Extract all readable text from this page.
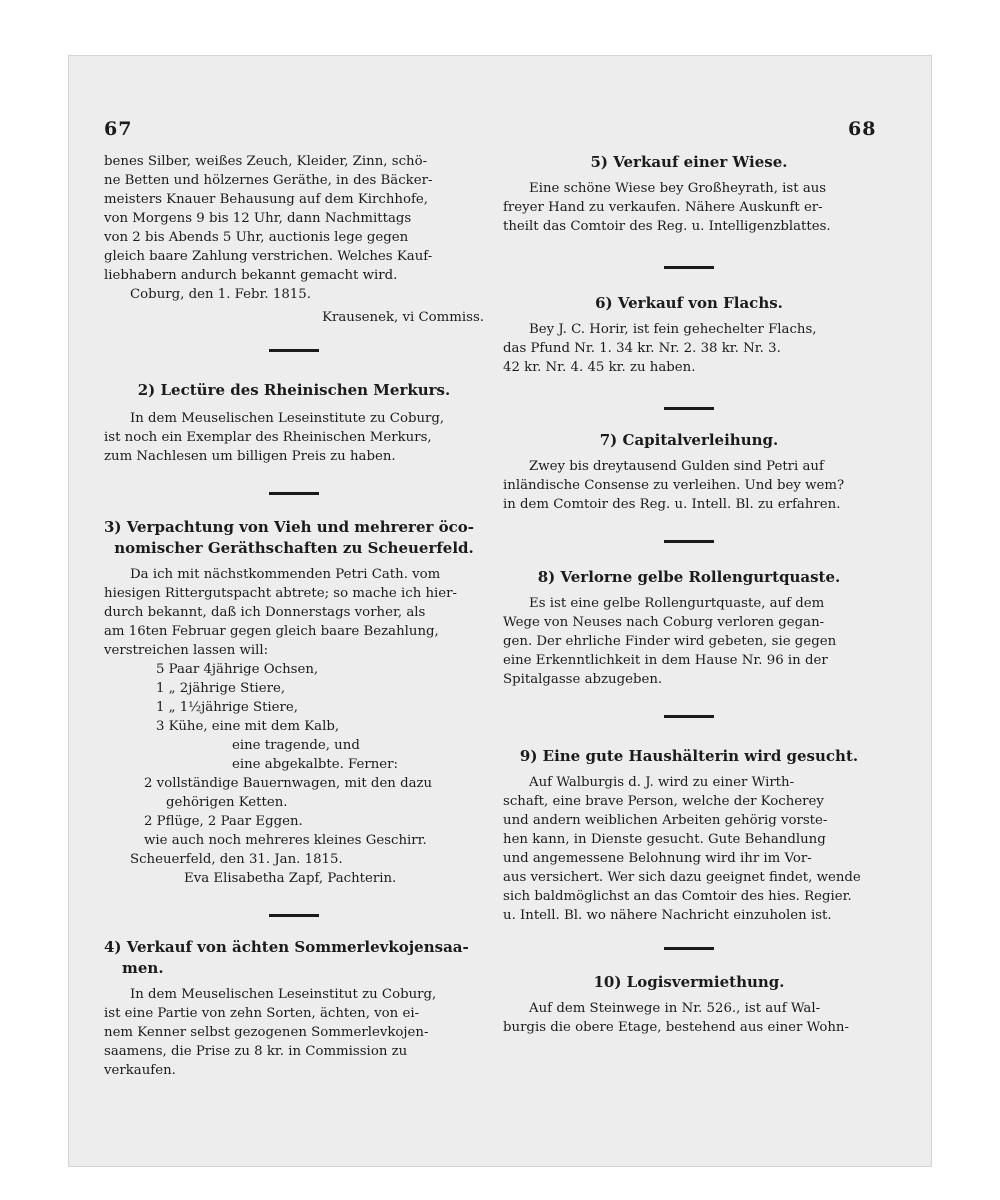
67	68

benes Silber, weißes Zeuch, Kleider, Zinn, schö-

ne Betten und hölzernes Geräthe, in des Bäcker-

meisters Knauer Behausung auf dem Kirchhofe,

von Morgens 9 bis 12 Uhr, dann Nachmittags

von 2 bis Abends 5 Uhr, auctionis lege gegen

gleich baare Zahlung verstrichen. Welches Kauf-

liebhabern andurch bekannt gemacht wird.

Coburg, den 1. Febr. 1815.

Krausenek, vi Commiss.

2) Lectüre des Rheinischen Merkurs.

In dem Meuselischen Leseinstitute zu Coburg,

ist noch ein Exemplar des Rheinischen Merkurs,

zum Nachlesen um billigen Preis zu haben.

3) Verpachtung von Vieh und mehrerer öco-

nomischer Geräthschaften zu Scheuerfeld.

Da ich mit nächstkommenden Petri Cath. vom

hiesigen Rittergutspacht abtrete; so mache ich hier-

durch bekannt, daß ich Donnerstags vorher, als

am 16ten Februar gegen gleich baare Bezahlung,

verstreichen lassen will:

5 Paar 4jährige Ochsen,
1 „ 2jährige Stiere,
1 „ 1½jährige Stiere,
3 Kühe, eine mit dem Kalb,
eine tragende, und
eine abgekalbte. Ferner:
2 vollständige Bauernwagen, mit den dazu
gehörigen Ketten.
2 Pflüge, 2 Paar Eggen.
wie auch noch mehreres kleines Geschirr.

Scheuerfeld, den 31. Jan. 1815.

Eva Elisabetha Zapf, Pachterin.

4) Verkauf von ächten Sommerlevkojensaa-

men.

In dem Meuselischen Leseinstitut zu Coburg,

ist eine Partie von zehn Sorten, ächten, von ei-

nem Kenner selbst gezogenen Sommerlevkojen-

saamens, die Prise zu 8 kr. in Commission zu

verkaufen.

5) Verkauf einer Wiese.

Eine schöne Wiese bey Großheyrath, ist aus

freyer Hand zu verkaufen. Nähere Auskunft er-

theilt das Comtoir des Reg. u. Intelligenzblattes.

6) Verkauf von Flachs.

Bey J. C. Horir, ist fein gehechelter Flachs,

das Pfund Nr. 1. 34 kr. Nr. 2. 38 kr. Nr. 3.

42 kr. Nr. 4. 45 kr. zu haben.

7) Capitalverleihung.

Zwey bis dreytausend Gulden sind Petri auf

inländische Consense zu verleihen. Und bey wem?

in dem Comtoir des Reg. u. Intell. Bl. zu erfahren.

8) Verlorne gelbe Rollengurtquaste.

Es ist eine gelbe Rollengurtquaste, auf dem

Wege von Neuses nach Coburg verloren gegan-

gen. Der ehrliche Finder wird gebeten, sie gegen

eine Erkenntlichkeit in dem Hause Nr. 96 in der

Spitalgasse abzugeben.

9) Eine gute Haushälterin wird gesucht.

Auf Walburgis d. J. wird zu einer Wirth-

schaft, eine brave Person, welche der Kocherey

und andern weiblichen Arbeiten gehörig vorste-

hen kann, in Dienste gesucht. Gute Behandlung

und angemessene Belohnung wird ihr im Vor-

aus versichert. Wer sich dazu geeignet findet, wende

sich baldmöglichst an das Comtoir des hies. Regier.

u. Intell. Bl. wo nähere Nachricht einzuholen ist.

10) Logisvermiethung.

Auf dem Steinwege in Nr. 526., ist auf Wal-

burgis die obere Etage, bestehend aus einer Wohn-
